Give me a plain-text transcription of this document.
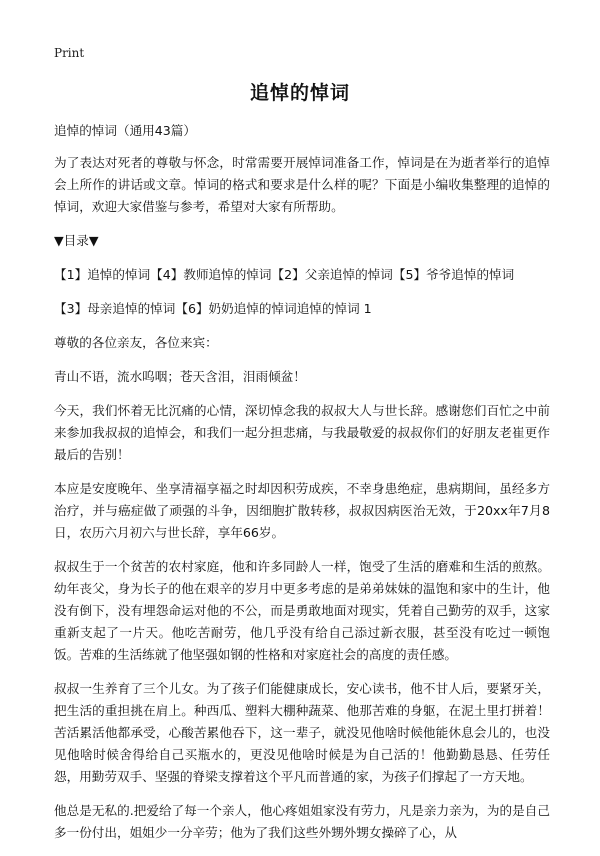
Print
追悼的悼词

追悼的悼词（通用43篇）

为了表达对死者的尊敬与怀念，时常需要开展悼词准备工作，悼词是在为逝者举行的追悼会上所作的讲话或文章。悼词的格式和要求是什么样的呢？下面是小编收集整理的追悼的悼词，欢迎大家借鉴与参考，希望对大家有所帮助。

▼目录▼

【1】追悼的悼词【4】教师追悼的悼词【2】父亲追悼的悼词【5】爷爷追悼的悼词

【3】母亲追悼的悼词【6】奶奶追悼的悼词追悼的悼词 1

尊敬的各位亲友，各位来宾：

青山不语，流水呜咽；苍天含泪，泪雨倾盆！

今天，我们怀着无比沉痛的心情，深切悼念我的叔叔大人与世长辞。感谢您们百忙之中前来参加我叔叔的追悼会，和我们一起分担悲痛，与我最敬爱的叔叔你们的好朋友老崔更作最后的告别！

本应是安度晚年、坐享清福享福之时却因积劳成疾，不幸身患绝症，患病期间，虽经多方治疗，并与癌症做了顽强的斗争，因细胞扩散转移，叔叔因病医治无效，于20xx年7月8日，农历六月初六与世长辞，享年66岁。

叔叔生于一个贫苦的农村家庭，他和许多同龄人一样，饱受了生活的磨难和生活的煎熬。幼年丧父，身为长子的他在艰辛的岁月中更多考虑的是弟弟妹妹的温饱和家中的生计，他没有倒下，没有埋怨命运对他的不公，而是勇敢地面对现实，凭着自己勤劳的双手，这家重新支起了一片天。他吃苦耐劳，他几乎没有给自己添过新衣服，甚至没有吃过一顿饱饭。苦难的生活练就了他坚强如钢的性格和对家庭社会的高度的责任感。

叔叔一生养育了三个儿女。为了孩子们能健康成长，安心读书，他不甘人后，要紧牙关，把生活的重担挑在肩上。种西瓜、塑料大棚种蔬菜、他那苦难的身躯，在泥土里打拼着！苦活累活他都承受，心酸苦累他吞下，这一辈子，就没见他啥时候他能休息会儿的，也没见他啥时候舍得给自己买瓶水的，更没见他啥时候是为自己活的！他勤勤恳恳、任劳任怨，用勤劳双手、坚强的脊梁支撑着这个平凡而普通的家，为孩子们撑起了一方天地。

他总是无私的.把爱给了每一个亲人，他心疼姐姐家没有劳力，凡是亲力亲为，为的是自己多一份付出，姐姐少一分辛劳；他为了我们这些外甥外甥女操碎了心，从
